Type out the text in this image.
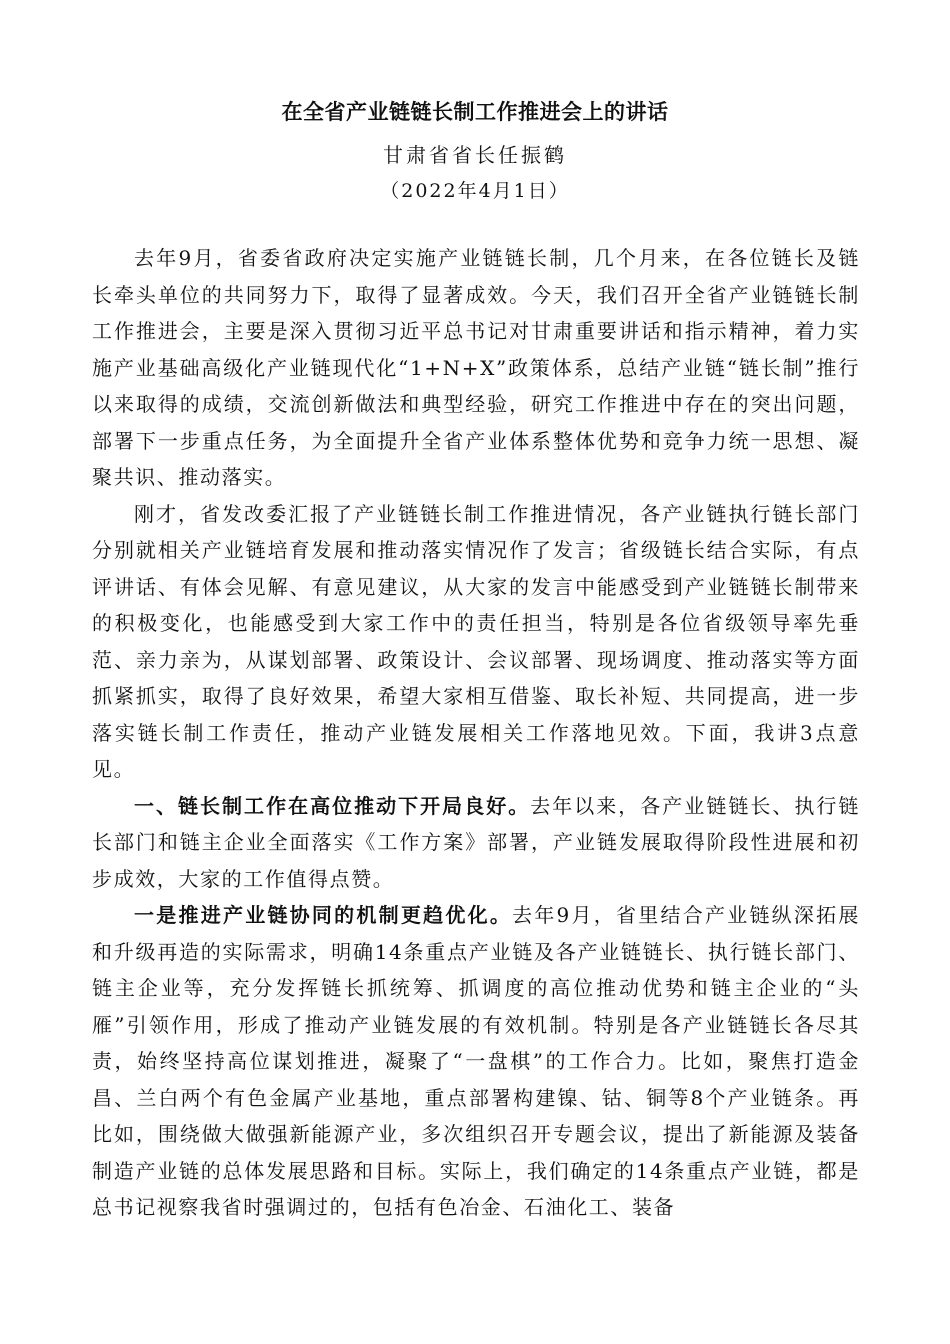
在全省产业链链长制工作推进会上的讲话
甘肃省省长任振鹤
（2022年4月1日）

去年9月，省委省政府决定实施产业链链长制，几个月来，在各位链长及链长牵头单位的共同努力下，取得了显著成效。今天，我们召开全省产业链链长制工作推进会，主要是深入贯彻习近平总书记对甘肃重要讲话和指示精神，着力实施产业基础高级化产业链现代化“1+N+X”政策体系，总结产业链“链长制”推行以来取得的成绩，交流创新做法和典型经验，研究工作推进中存在的突出问题，部署下一步重点任务，为全面提升全省产业体系整体优势和竞争力统一思想、凝聚共识、推动落实。

刚才，省发改委汇报了产业链链长制工作推进情况，各产业链执行链长部门分别就相关产业链培育发展和推动落实情况作了发言；省级链长结合实际，有点评讲话、有体会见解、有意见建议，从大家的发言中能感受到产业链链长制带来的积极变化，也能感受到大家工作中的责任担当，特别是各位省级领导率先垂范、亲力亲为，从谋划部署、政策设计、会议部署、现场调度、推动落实等方面抓紧抓实，取得了良好效果，希望大家相互借鉴、取长补短、共同提高，进一步落实链长制工作责任，推动产业链发展相关工作落地见效。下面，我讲3点意见。

一、链长制工作在高位推动下开局良好。去年以来，各产业链链长、执行链长部门和链主企业全面落实《工作方案》部署，产业链发展取得阶段性进展和初步成效，大家的工作值得点赞。

一是推进产业链协同的机制更趋优化。去年9月，省里结合产业链纵深拓展和升级再造的实际需求，明确14条重点产业链及各产业链链长、执行链长部门、链主企业等，充分发挥链长抓统筹、抓调度的高位推动优势和链主企业的“头雁”引领作用，形成了推动产业链发展的有效机制。特别是各产业链链长各尽其责，始终坚持高位谋划推进，凝聚了“一盘棋”的工作合力。比如，聚焦打造金昌、兰白两个有色金属产业基地，重点部署构建镍、钴、铜等8个产业链条。再比如，围绕做大做强新能源产业，多次组织召开专题会议，提出了新能源及装备制造产业链的总体发展思路和目标。实际上，我们确定的14条重点产业链，都是总书记视察我省时强调过的，包括有色冶金、石油化工、装备
